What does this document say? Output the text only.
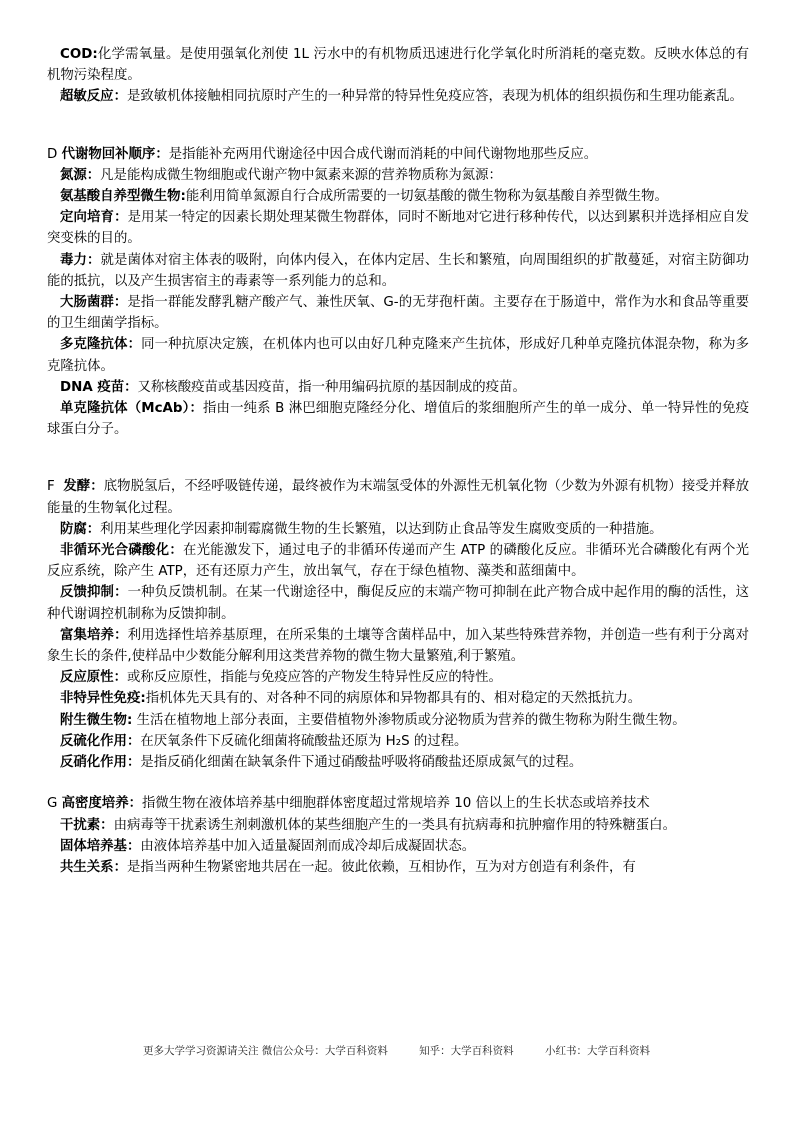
COD:化学需氧量。是使用强氧化剂使 1L 污水中的有机物质迅速进行化学氧化时所消耗的毫克数。反映水体总的有机物污染程度。

超敏反应：是致敏机体接触相同抗原时产生的一种异常的特异性免疫应答，表现为机体的组织损伤和生理功能紊乱。

D 代谢物回补顺序：是指能补充两用代谢途径中因合成代谢而消耗的中间代谢物地那些反应。

氮源：凡是能构成微生物细胞或代谢产物中氮素来源的营养物质称为氮源：

氨基酸自养型微生物:能利用简单氮源自行合成所需要的一切氨基酸的微生物称为氨基酸自养型微生物。

定向培育：是用某一特定的因素长期处理某微生物群体，同时不断地对它进行移种传代，以达到累积并选择相应自发突变株的目的。

毒力：就是菌体对宿主体表的吸附，向体内侵入，在体内定居、生长和繁殖，向周围组织的扩散蔓延，对宿主防御功能的抵抗，以及产生损害宿主的毒素等一系列能力的总和。

大肠菌群：是指一群能发酵乳糖产酸产气、兼性厌氧、G-的无芽孢杆菌。主要存在于肠道中，常作为水和食品等重要的卫生细菌学指标。

多克隆抗体：同一种抗原决定簇，在机体内也可以由好几种克隆来产生抗体，形成好几种单克隆抗体混杂物，称为多克隆抗体。

DNA 疫苗：又称核酸疫苗或基因疫苗，指一种用编码抗原的基因制成的疫苗。

单克隆抗体（McAb）：指由一纯系 B 淋巴细胞克隆经分化、增值后的浆细胞所产生的单一成分、单一特异性的免疫球蛋白分子。

F  发酵：底物脱氢后，不经呼吸链传递，最终被作为末端氢受体的外源性无机氧化物（少数为外源有机物）接受并释放能量的生物氧化过程。

防腐：利用某些理化学因素抑制霉腐微生物的生长繁殖，以达到防止食品等发生腐败变质的一种措施。

非循环光合磷酸化：在光能激发下，通过电子的非循环传递而产生 ATP 的磷酸化反应。非循环光合磷酸化有两个光反应系统，除产生 ATP，还有还原力产生，放出氧气，存在于绿色植物、藻类和蓝细菌中。

反馈抑制：一种负反馈机制。在某一代谢途径中，酶促反应的末端产物可抑制在此产物合成中起作用的酶的活性，这种代谢调控机制称为反馈抑制。

富集培养：利用选择性培养基原理，在所采集的土壤等含菌样品中，加入某些特殊营养物，并创造一些有利于分离对象生长的条件,使样品中少数能分解利用这类营养物的微生物大量繁殖,利于繁殖。

反应原性：或称反应原性，指能与免疫应答的产物发生特异性反应的特性。

非特异性免疫:指机体先天具有的、对各种不同的病原体和异物都具有的、相对稳定的天然抵抗力。

附生微生物: 生活在植物地上部分表面，主要借植物外渗物质或分泌物质为营养的微生物称为附生微生物。

反硫化作用：在厌氧条件下反硫化细菌将硫酸盐还原为 H₂S 的过程。

反硝化作用：是指反硝化细菌在缺氧条件下通过硝酸盐呼吸将硝酸盐还原成氮气的过程。

G 高密度培养：指微生物在液体培养基中细胞群体密度超过常规培养 10 倍以上的生长状态或培养技术

干扰素：由病毒等干扰素诱生剂刺激机体的某些细胞产生的一类具有抗病毒和抗肿瘤作用的特殊糖蛋白。

固体培养基：由液体培养基中加入适量凝固剂而成冷却后成凝固状态。

共生关系：是指当两种生物紧密地共居在一起。彼此依赖，互相协作，互为对方创造有利条件，有

更多大学学习资源请关注 微信公众号：大学百科资料	知乎：大学百科资料	小红书：大学百科资料
